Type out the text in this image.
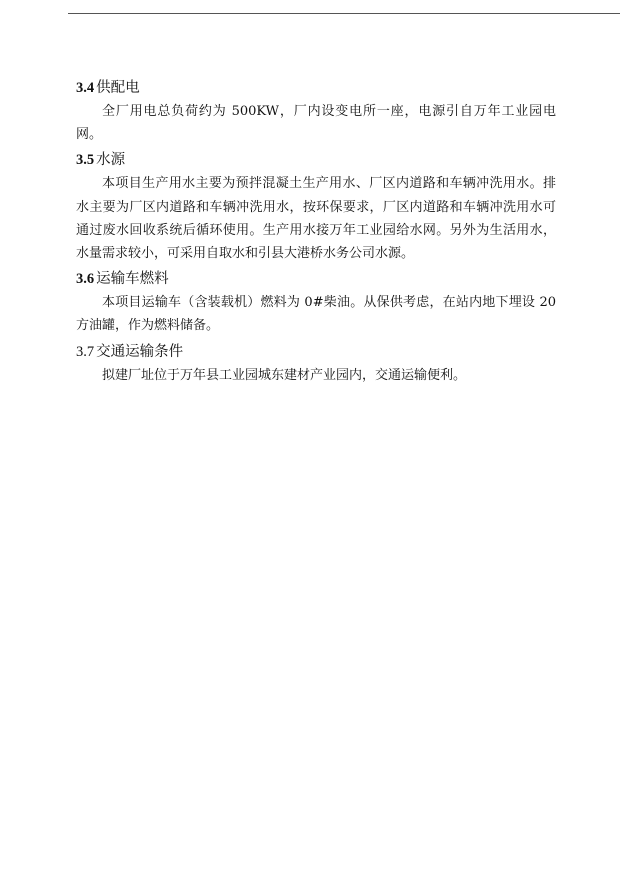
3.4 供配电

全厂用电总负荷约为 500KW，厂内设变电所一座，电源引自万年工业园电网。

3.5 水源

本项目生产用水主要为预拌混凝土生产用水、厂区内道路和车辆冲洗用水。排水主要为厂区内道路和车辆冲洗用水，按环保要求，厂区内道路和车辆冲洗用水可通过废水回收系统后循环使用。生产用水接万年工业园给水网。另外为生活用水，水量需求较小，可采用自取水和引县大港桥水务公司水源。

3.6 运输车燃料

本项目运输车（含装载机）燃料为 0#柴油。从保供考虑，在站内地下埋设 20方油罐，作为燃料储备。

3.7 交通运输条件

拟建厂址位于万年县工业园城东建材产业园内，交通运输便利。
